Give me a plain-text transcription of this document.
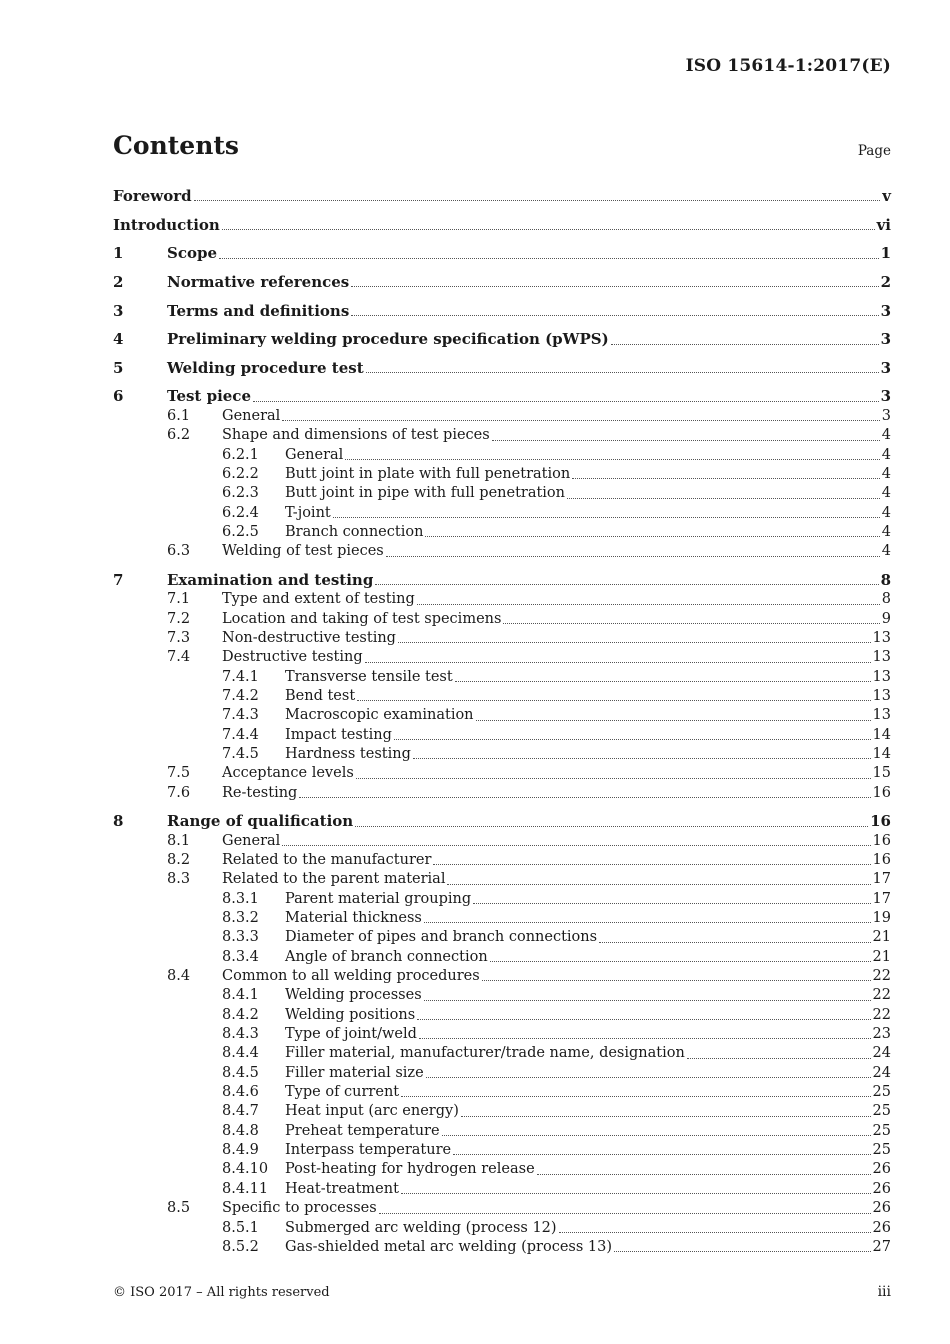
ISO 15614-1:2017(E)
Contents	Page
Foreword	v
Introduction	vi
1	Scope	1
2	Normative references	2
3	Terms and definitions	3
4	Preliminary welding procedure specification (pWPS)	3
5	Welding procedure test	3
6	Test piece	3
6.1	General	3
6.2	Shape and dimensions of test pieces	4
6.2.1	General	4
6.2.2	Butt joint in plate with full penetration	4
6.2.3	Butt joint in pipe with full penetration	4
6.2.4	T-joint	4
6.2.5	Branch connection	4
6.3	Welding of test pieces	4
7	Examination and testing	8
7.1	Type and extent of testing	8
7.2	Location and taking of test specimens	9
7.3	Non-destructive testing	13
7.4	Destructive testing	13
7.4.1	Transverse tensile test	13
7.4.2	Bend test	13
7.4.3	Macroscopic examination	13
7.4.4	Impact testing	14
7.4.5	Hardness testing	14
7.5	Acceptance levels	15
7.6	Re-testing	16
8	Range of qualification	16
8.1	General	16
8.2	Related to the manufacturer	16
8.3	Related to the parent material	17
8.3.1	Parent material grouping	17
8.3.2	Material thickness	19
8.3.3	Diameter of pipes and branch connections	21
8.3.4	Angle of branch connection	21
8.4	Common to all welding procedures	22
8.4.1	Welding processes	22
8.4.2	Welding positions	22
8.4.3	Type of joint/weld	23
8.4.4	Filler material, manufacturer/trade name, designation	24
8.4.5	Filler material size	24
8.4.6	Type of current	25
8.4.7	Heat input (arc energy)	25
8.4.8	Preheat temperature	25
8.4.9	Interpass temperature	25
8.4.10	Post-heating for hydrogen release	26
8.4.11	Heat-treatment	26
8.5	Specific to processes	26
8.5.1	Submerged arc welding (process 12)	26
8.5.2	Gas-shielded metal arc welding (process 13)	27
© ISO 2017 – All rights reserved	iii
